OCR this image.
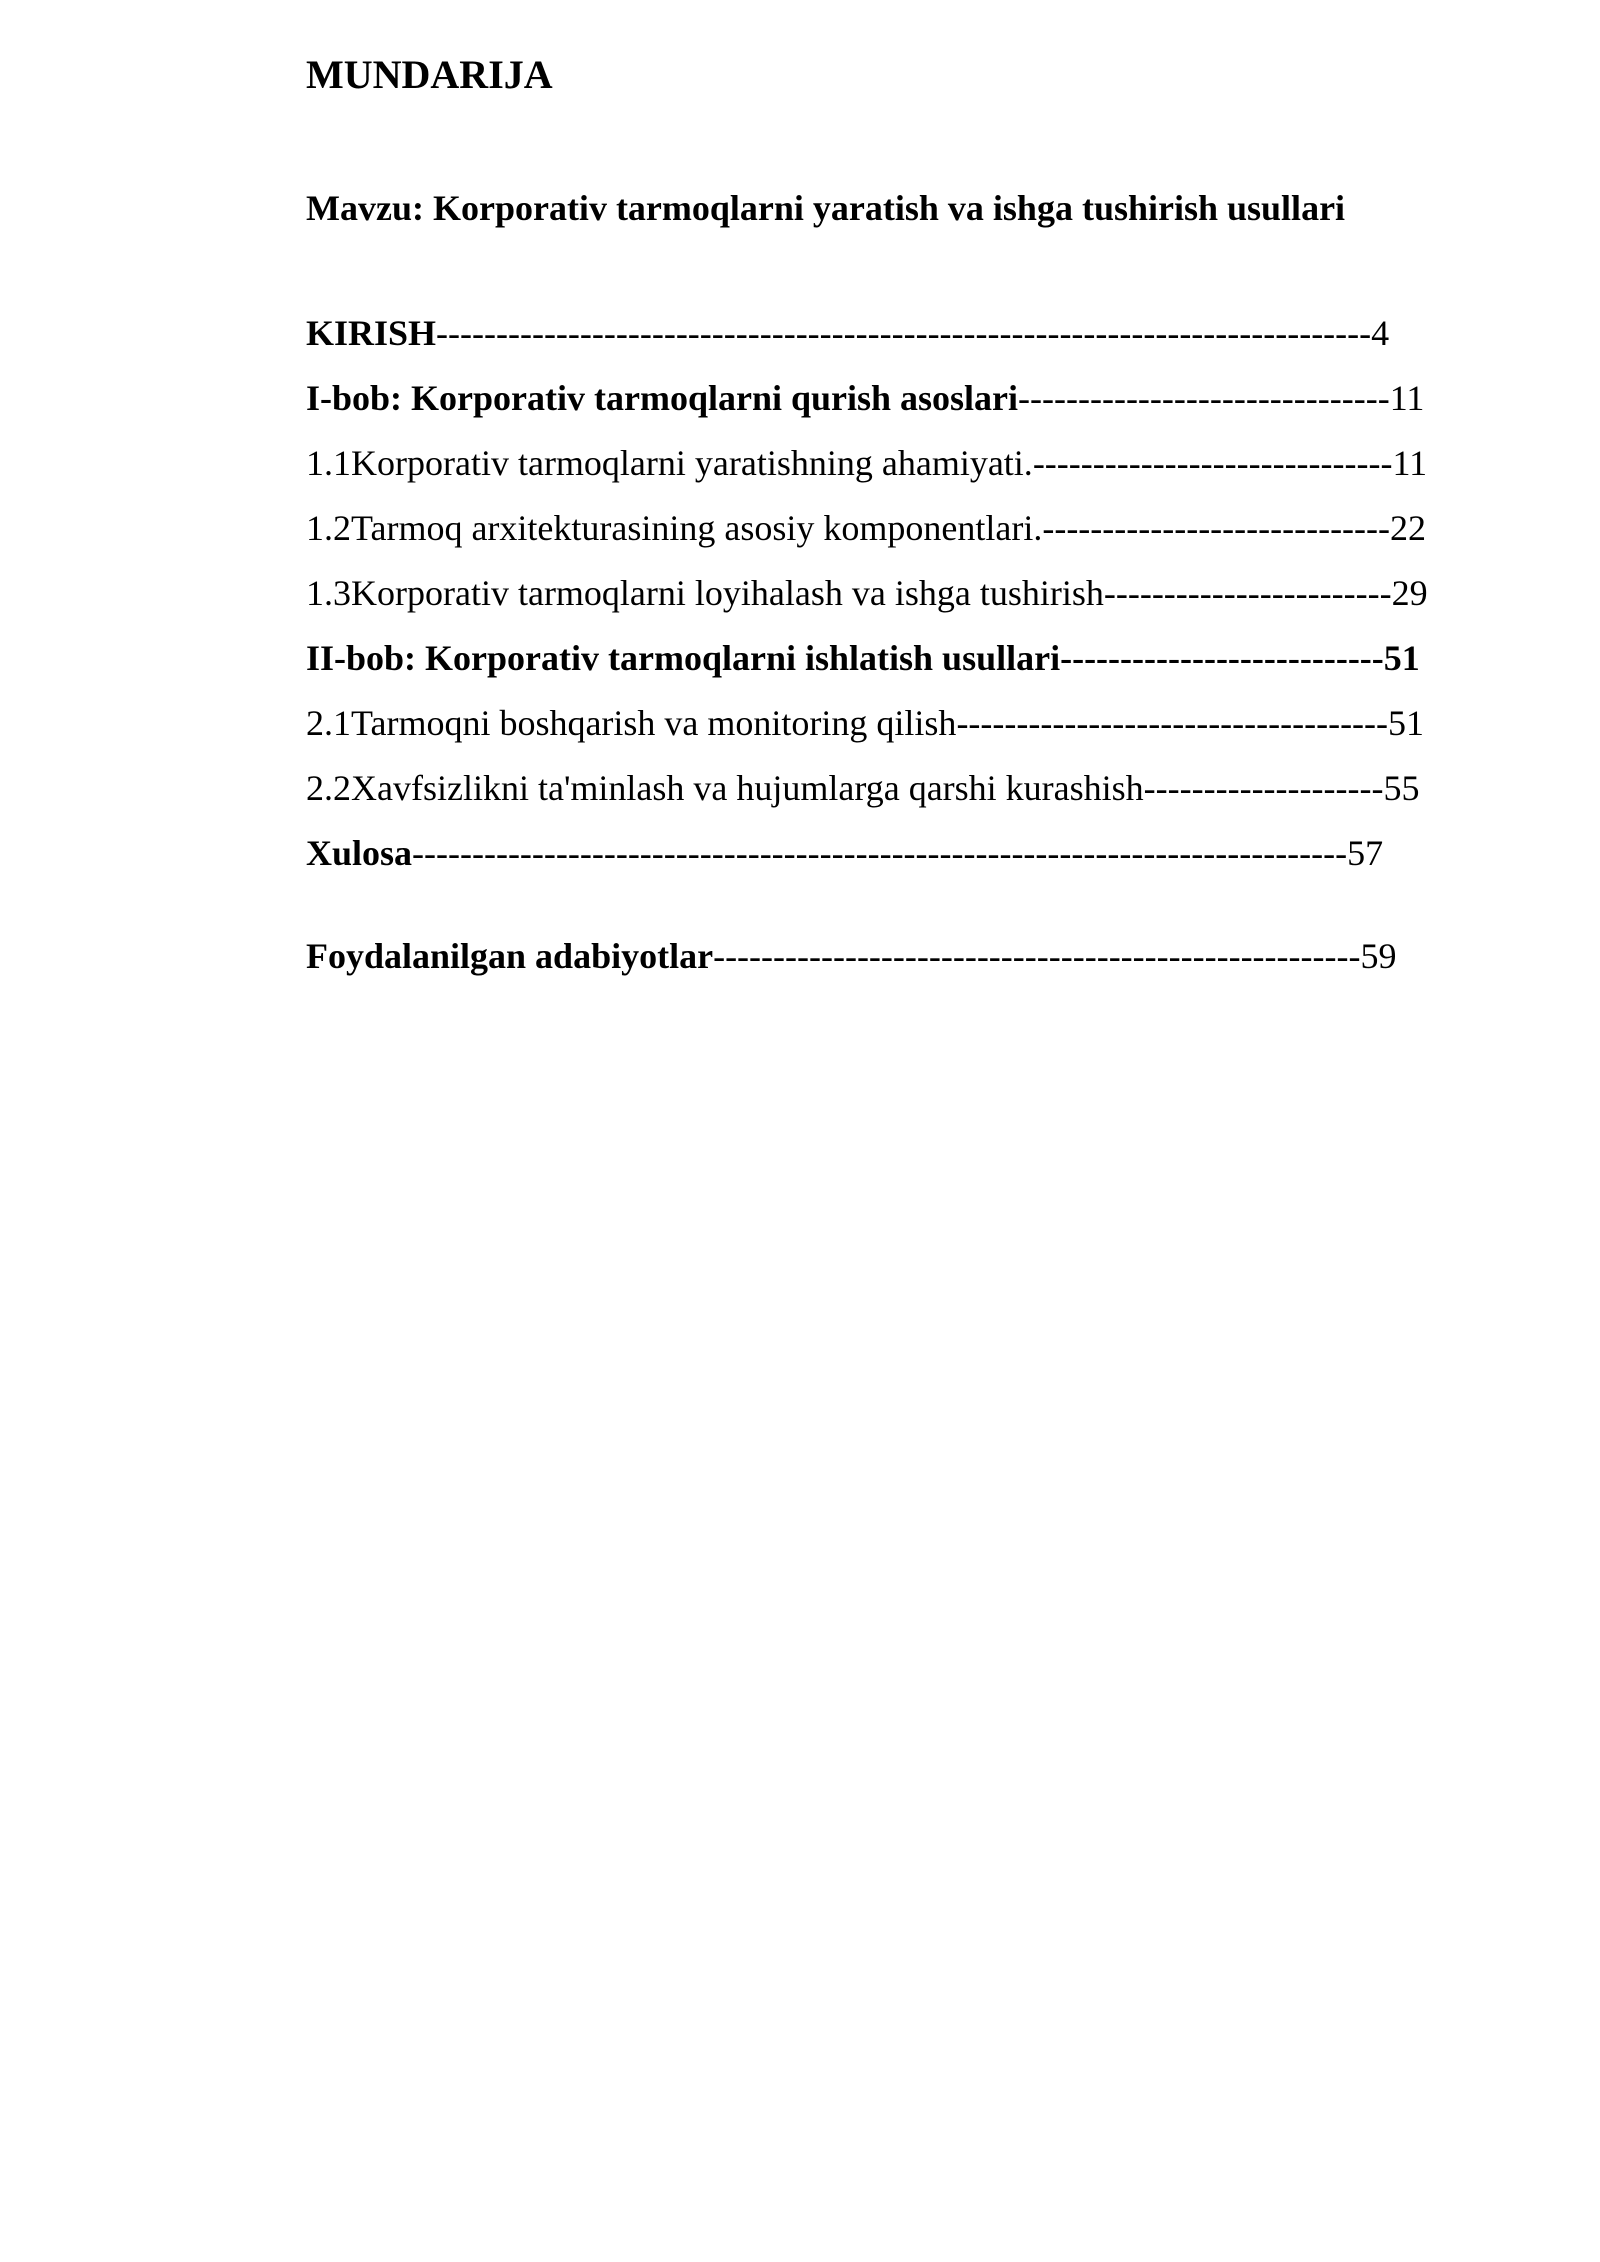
MUNDARIJA
Mavzu: Korporativ tarmoqlarni yaratish va ishga tushirish usullari
KIRISH------------------------------------------------------------------------------4
I-bob: Korporativ tarmoqlarni qurish asoslari-------------------------------11
1.1Korporativ tarmoqlarni yaratishning ahamiyati.------------------------------11
1.2Tarmoq arxitekturasining asosiy komponentlari.-----------------------------22
1.3Korporativ tarmoqlarni loyihalash va ishga tushirish------------------------29
II-bob: Korporativ tarmoqlarni ishlatish usullari---------------------------51
2.1Tarmoqni boshqarish va monitoring qilish------------------------------------51
2.2Xavfsizlikni ta'minlash va hujumlarga qarshi kurashish--------------------55
Xulosa------------------------------------------------------------------------------57
Foydalanilgan adabiyotlar------------------------------------------------------59
